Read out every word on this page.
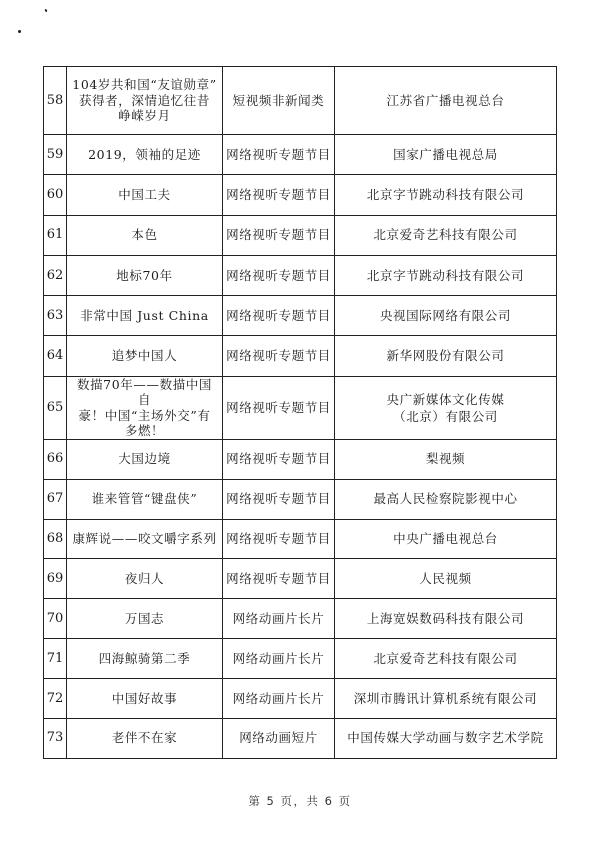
58	104岁共和国“友谊勋章”
获得者，深情追忆往昔
峥嵘岁月	短视频非新闻类	江苏省广播电视总台

59	2019，领袖的足迹	网络视听专题节目	国家广播电视总局

60	中国工夫	网络视听专题节目	北京字节跳动科技有限公司

61	本色	网络视听专题节目	北京爱奇艺科技有限公司

62	地标70年	网络视听专题节目	北京字节跳动科技有限公司

63	非常中国 Just China	网络视听专题节目	央视国际网络有限公司

64	追梦中国人	网络视听专题节目	新华网股份有限公司

65	数描70年——数描中国 自
豪！中国“主场外交”有
多燃！	网络视听专题节目	央广新媒体文化传媒
（北京）有限公司

66	大国边境	网络视听专题节目	梨视频

67	谁来管管“键盘侠”	网络视听专题节目	最高人民检察院影视中心

68	康辉说——咬文嚼字系列	网络视听专题节目	中央广播电视总台

69	夜归人	网络视听专题节目	人民视频

70	万国志	网络动画片长片	上海宽娱数码科技有限公司

71	四海鲸骑第二季	网络动画片长片	北京爱奇艺科技有限公司

72	中国好故事	网络动画片长片	深圳市腾讯计算机系统有限公司

73	老伴不在家	网络动画短片	中国传媒大学动画与数字艺术学院
第 5 页，共 6 页
